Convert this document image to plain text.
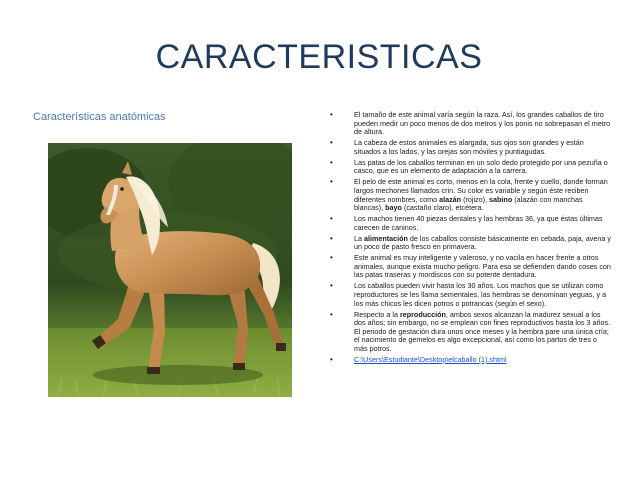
CARACTERISTICAS
Características anatómicas	•	El tamaño de este animal varía según la raza. Así, los grandes caballos de tiro pueden medir un poco menos de dos metros y los ponis no sobrepasan el metro de altura.
•	La cabeza de estos animales es alargada, sus ojos son grandes y están situados a los lados, y las orejas son móviles y puntiagudas.
•	Las patas de los caballos terminan en un solo dedo protegido por una pezuña o casco, que es un elemento de adaptación a la carrera.
•	El pelo de este animal es corto, menos en la cola, frente y cuello, donde forman largos mechones llamados crin. Su color es variable y según éste reciben diferentes nombres, como alazán (rojizo), sabino (alazán con manchas blancas), bayo (castaño claro), etcétera.
•	Los machos tienen 40 piezas dentales y las hembras 36, ya que éstas últimas carecen de caninos.
•	La alimentación de los caballos consiste básicamente en cebada, paja, avena y un poco de pasto fresco en primavera.
•	Este animal es muy inteligente y valeroso, y no vacila en hacer frente a otros animales, aunque exista mucho peligro. Para eso se defienden dando coses con las patas traseras y mordiscos con su potente dentadura.
•	Los caballos pueden vivir hasta los 30 años. Los machos que se utilizan como reproductores se les llama sementales, las hembras se denominan yeguas, y a los más chicos les dicen potros o potrancas (según el sexo).
•	Respecto a la reproducción, ambos sexos alcanzan la madurez sexual a los dos años; sin embargo, no se emplean con fines reproductivos hasta los 3 años. El periodo de gestación dura unos once meses y la hembra pare una única cría; el nacimiento de gemelos es algo excepcional, así como los partos de tres o más potros.
•	C:\Users\Estudiante\Desktop\elcaballo (1).shtml
